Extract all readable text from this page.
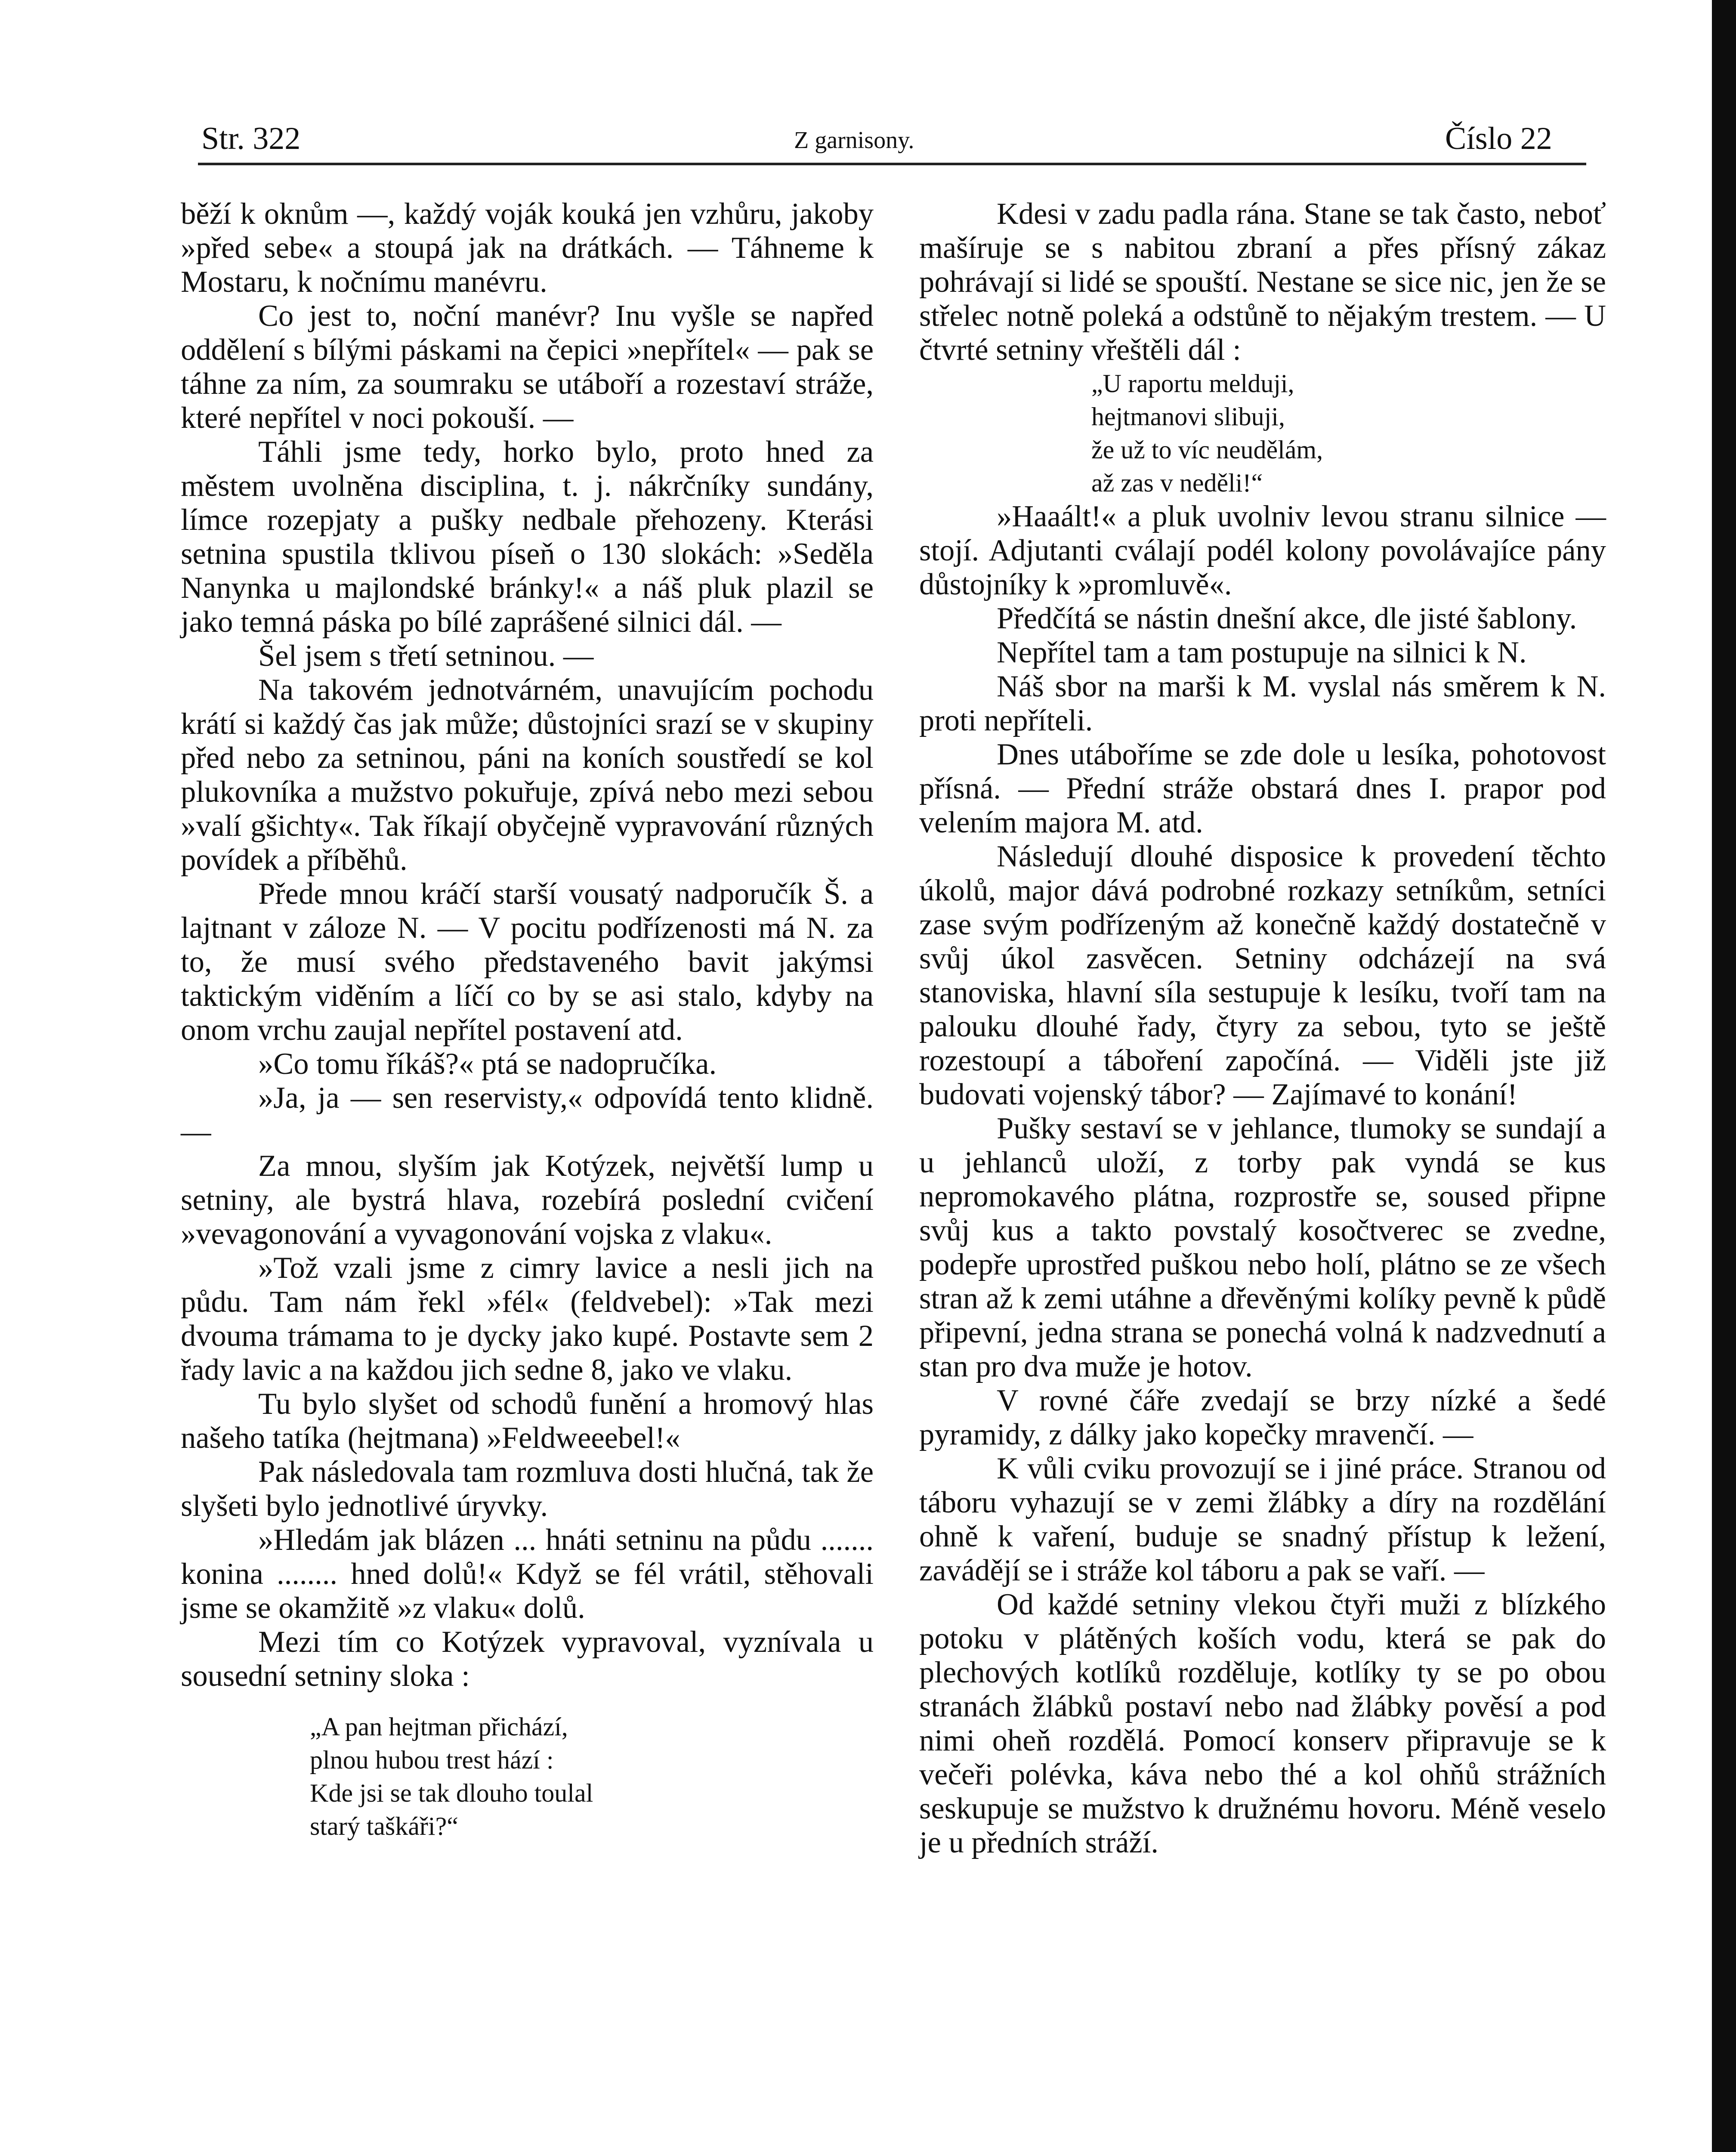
Str. 322	Z garnisony.	Číslo 22

běží k oknům —, každý voják kouká jen vzhůru, jakoby »před sebe« a stoupá jak na drátkách. — Táhneme k Mostaru, k nočnímu manévru.

Co jest to, noční manévr? Inu vyšle se napřed oddělení s bílými páskami na čepici »nepřítel« — pak se táhne za ním, za soumraku se utáboří a rozestaví stráže, které nepřítel v noci pokouší. —

Táhli jsme tedy, horko bylo, proto hned za městem uvolněna disciplina, t. j. nákrčníky sundány, límce rozepjaty a pušky nedbale přehozeny. Kterási setnina spustila tklivou píseň o 130 slokách: »Seděla Nanynka u majlondské bránky!« a náš pluk plazil se jako temná páska po bílé zaprášené silnici dál. —

Šel jsem s třetí setninou. —

Na takovém jednotvárném, unavujícím pochodu krátí si každý čas jak může; důstojníci srazí se v skupiny před nebo za setninou, páni na koních soustředí se kol plukovníka a mužstvo pokuřuje, zpívá nebo mezi sebou »valí gšichty«. Tak říkají obyčejně vypravování různých povídek a příběhů.

Přede mnou kráčí starší vousatý nadporučík Š. a lajtnant v záloze N. — V pocitu podřízenosti má N. za to, že musí svého představeného bavit jakýmsi taktickým viděním a líčí co by se asi stalo, kdyby na onom vrchu zaujal nepřítel postavení atd.

»Co tomu říkáš?« ptá se nadopručíka.

»Ja, ja — sen reservisty,« odpovídá tento klidně. —

Za mnou, slyším jak Kotýzek, největší lump u setniny, ale bystrá hlava, rozebírá poslední cvičení »vevagonování a vyvagonování vojska z vlaku«.

»Tož vzali jsme z cimry lavice a nesli jich na půdu. Tam nám řekl »fél« (feldvebel): »Tak mezi dvouma trámama to je dycky jako kupé. Postavte sem 2 řady lavic a na každou jich sedne 8, jako ve vlaku.

Tu bylo slyšet od schodů funění a hromový hlas našeho tatíka (hejtmana) »Feldweeebel!«

Pak následovala tam rozmluva dosti hlučná, tak že slyšeti bylo jednotlivé úryvky.

»Hledám jak blázen ... hnáti setninu na půdu ....... konina ........ hned dolů!« Když se fél vrátil, stěhovali jsme se okamžitě »z vlaku« dolů.

Mezi tím co Kotýzek vypravoval, vyznívala u sousední setniny sloka :

„A pan hejtman přichází,
plnou hubou trest hází :
Kde jsi se tak dlouho toulal
starý taškáři?“

Kdesi v zadu padla rána. Stane se tak často, neboť mašíruje se s nabitou zbraní a přes přísný zákaz pohrávají si lidé se spouští. Nestane se sice nic, jen že se střelec notně poleká a odstůně to nějakým trestem. — U čtvrté setniny vřeštěli dál :

„U raportu melduji,
hejtmanovi slibuji,
že už to víc neudělám,
až zas v neděli!“

»Haaált!« a pluk uvolniv levou stranu silnice — stojí. Adjutanti cválají podél kolony povolávajíce pány důstojníky k »promluvě«.

Předčítá se nástin dnešní akce, dle jisté šablony.

Nepřítel tam a tam postupuje na silnici k N.

Náš sbor na marši k M. vyslal nás směrem k N. proti nepříteli.

Dnes utáboříme se zde dole u lesíka, pohotovost přísná. — Přední stráže obstará dnes I. prapor pod velením majora M. atd.

Následují dlouhé disposice k provedení těchto úkolů, major dává podrobné rozkazy setníkům, setníci zase svým podřízeným až konečně každý dostatečně v svůj úkol zasvěcen. Setniny odcházejí na svá stanoviska, hlavní síla sestupuje k lesíku, tvoří tam na palouku dlouhé řady, čtyry za sebou, tyto se ještě rozestoupí a táboření započíná. — Viděli jste již budovati vojenský tábor? — Zajímavé to konání!

Pušky sestaví se v jehlance, tlumoky se sundají a u jehlanců uloží, z torby pak vyndá se kus nepromokavého plátna, rozprostře se, soused připne svůj kus a takto povstalý kosočtverec se zvedne, podepře uprostřed puškou nebo holí, plátno se ze všech stran až k zemi utáhne a dřevěnými kolíky pevně k půdě připevní, jedna strana se ponechá volná k nadzvednutí a stan pro dva muže je hotov.

V rovné čáře zvedají se brzy nízké a šedé pyramidy, z dálky jako kopečky mravenčí. —

K vůli cviku provozují se i jiné práce. Stranou od táboru vyhazují se v zemi žlábky a díry na rozdělání ohně k vaření, buduje se snadný přístup k ležení, zavádějí se i stráže kol táboru a pak se vaří. —

Od každé setniny vlekou čtyři muži z blízkého potoku v plátěných koších vodu, která se pak do plechových kotlíků rozděluje, kotlíky ty se po obou stranách žlábků postaví nebo nad žlábky pověsí a pod nimi oheň rozdělá. Pomocí konserv připravuje se k večeři polévka, káva nebo thé a kol ohňů strážních seskupuje se mužstvo k družnému hovoru. Méně veselo je u předních stráží.
